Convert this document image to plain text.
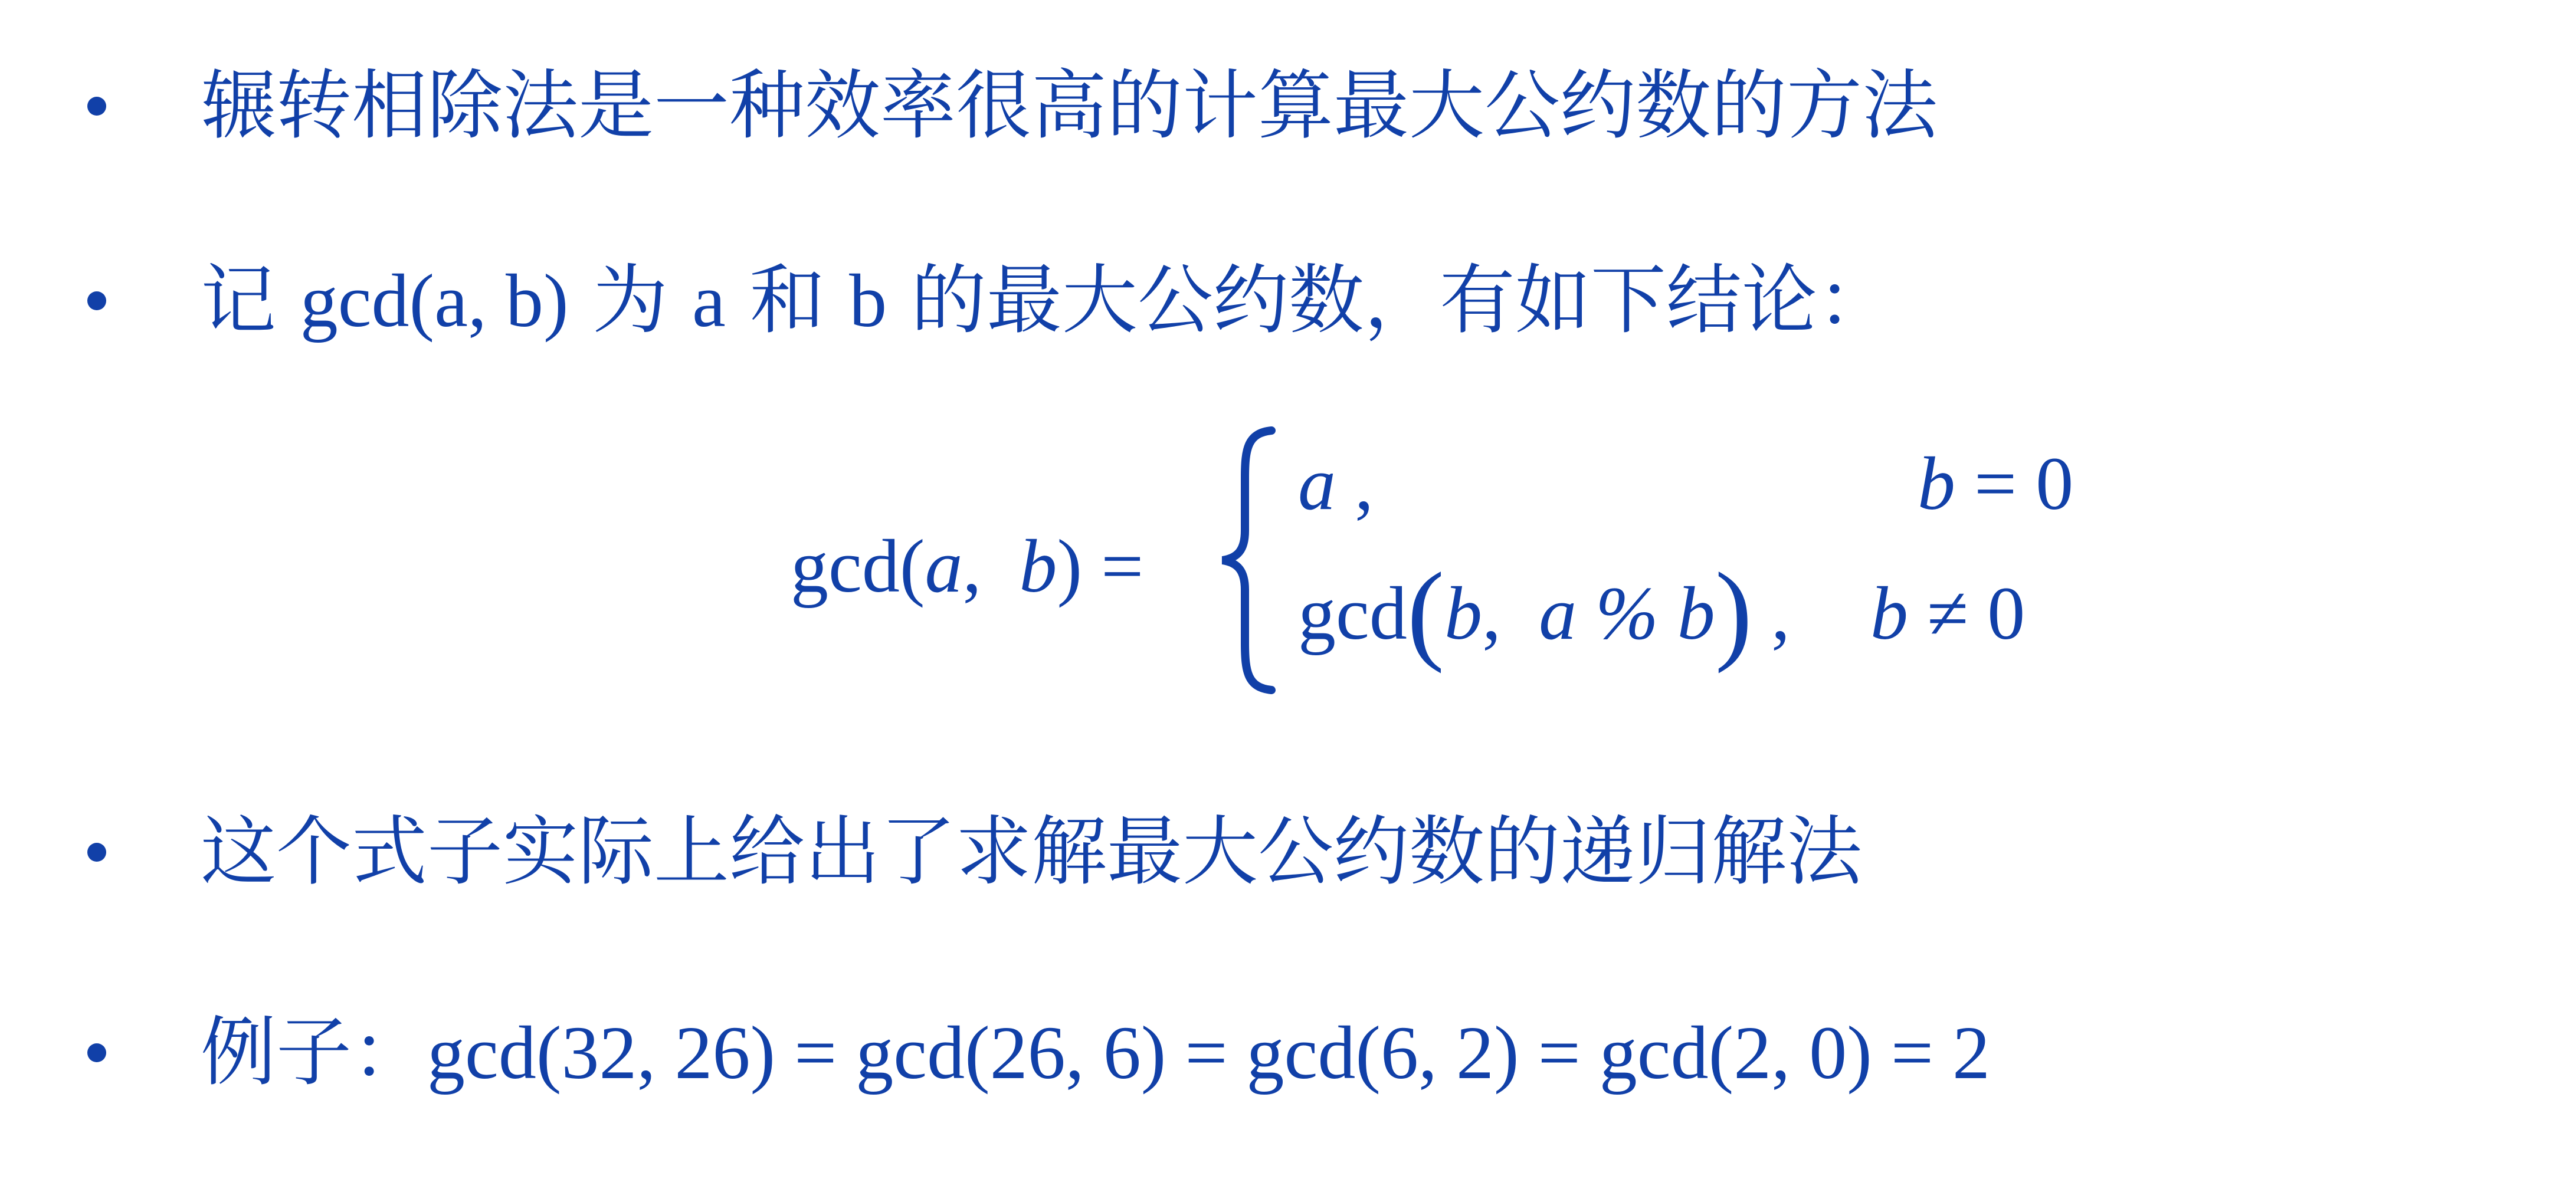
辗转相除法是一种效率很高的计算最大公约数的方法
记 gcd(a, b) 为 a 和 b 的最大公约数，有如下结论：
gcd(a,  b) =
a ,	b = 0
gcd(b,  a % b) , b ≠ 0
这个式子实际上给出了求解最大公约数的递归解法
例子：gcd(32, 26) = gcd(26, 6) = gcd(6, 2) = gcd(2, 0) = 2
